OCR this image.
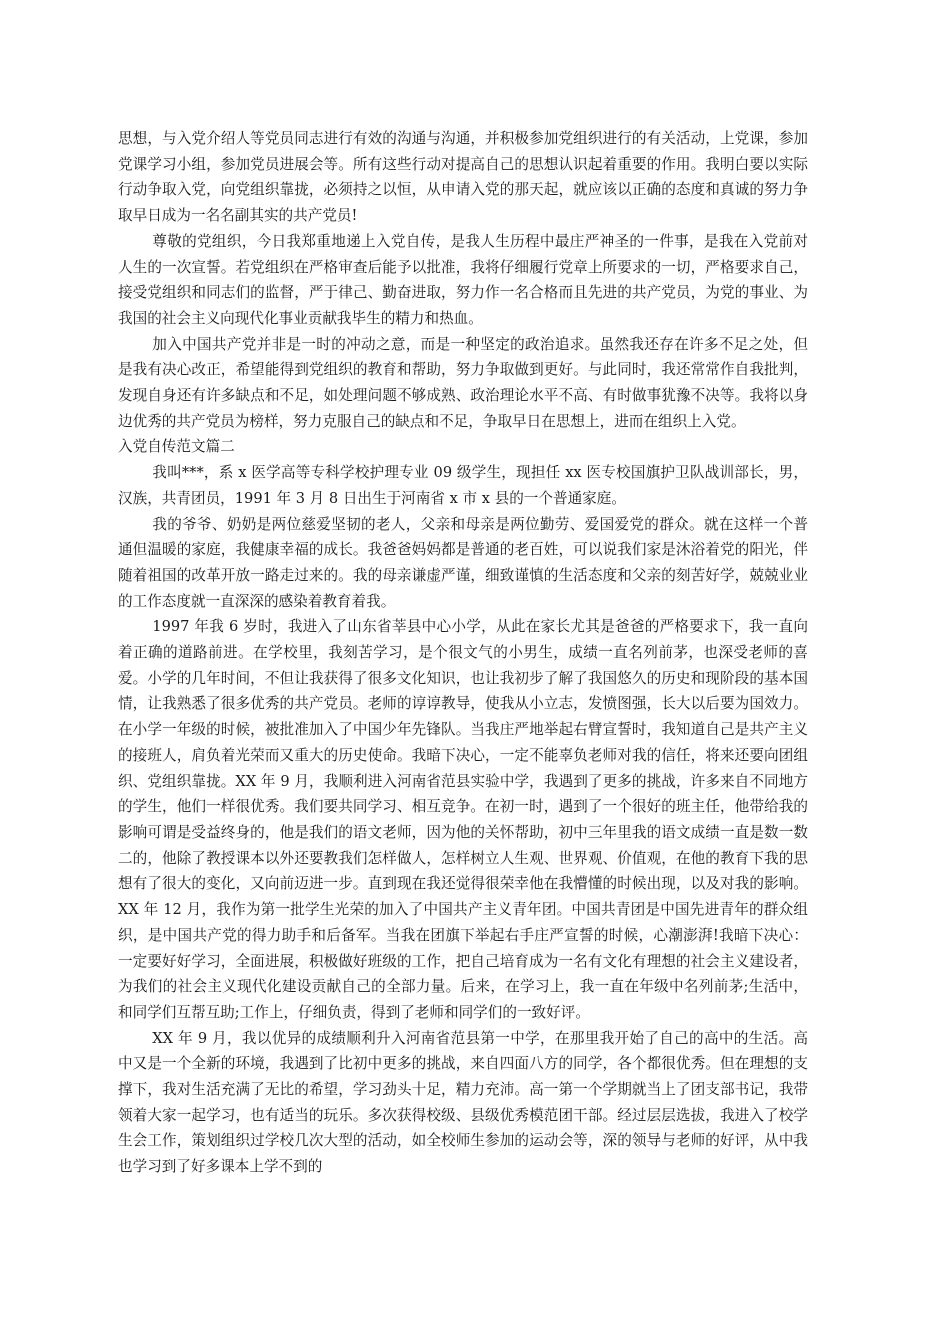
思想，与入党介绍人等党员同志进行有效的沟通与沟通，并积极参加党组织进行的有关活动，上党课，参加党课学习小组，参加党员进展会等。所有这些行动对提高自己的思想认识起着重要的作用。我明白要以实际行动争取入党，向党组织靠拢，必须持之以恒，从申请入党的那天起，就应该以正确的态度和真诚的努力争取早日成为一名名副其实的共产党员!

尊敬的党组织，今日我郑重地递上入党自传，是我人生历程中最庄严神圣的一件事，是我在入党前对人生的一次宣誓。若党组织在严格审查后能予以批准，我将仔细履行党章上所要求的一切，严格要求自己，接受党组织和同志们的监督，严于律己、勤奋进取，努力作一名合格而且先进的共产党员，为党的事业、为我国的社会主义向现代化事业贡献我毕生的精力和热血。

加入中国共产党并非是一时的冲动之意，而是一种坚定的政治追求。虽然我还存在许多不足之处，但是我有决心改正，希望能得到党组织的教育和帮助，努力争取做到更好。与此同时，我还常常作自我批判，发现自身还有许多缺点和不足，如处理问题不够成熟、政治理论水平不高、有时做事犹豫不决等。我将以身边优秀的共产党员为榜样，努力克服自己的缺点和不足，争取早日在思想上，进而在组织上入党。

入党自传范文篇二

我叫***，系 x 医学高等专科学校护理专业 09 级学生，现担任 xx 医专校国旗护卫队战训部长，男，汉族，共青团员，1991 年 3 月 8 日出生于河南省 x 市 x 县的一个普通家庭。

我的爷爷、奶奶是两位慈爱坚韧的老人，父亲和母亲是两位勤劳、爱国爱党的群众。就在这样一个普通但温暖的家庭，我健康幸福的成长。我爸爸妈妈都是普通的老百姓，可以说我们家是沐浴着党的阳光，伴随着祖国的改革开放一路走过来的。我的母亲谦虚严谨，细致谨慎的生活态度和父亲的刻苦好学，兢兢业业的工作态度就一直深深的感染着教育着我。

1997 年我 6 岁时，我进入了山东省莘县中心小学，从此在家长尤其是爸爸的严格要求下，我一直向着正确的道路前进。在学校里，我刻苦学习，是个很文气的小男生，成绩一直名列前茅，也深受老师的喜爱。小学的几年时间，不但让我获得了很多文化知识，也让我初步了解了我国悠久的历史和现阶段的基本国情，让我熟悉了很多优秀的共产党员。老师的谆谆教导，使我从小立志，发愤图强，长大以后要为国效力。在小学一年级的时候，被批准加入了中国少年先锋队。当我庄严地举起右臂宣誓时，我知道自己是共产主义的接班人，肩负着光荣而又重大的历史使命。我暗下决心，一定不能辜负老师对我的信任，将来还要向团组织、党组织靠拢。XX 年 9 月，我顺利进入河南省范县实验中学，我遇到了更多的挑战，许多来自不同地方的学生，他们一样很优秀。我们要共同学习、相互竞争。在初一时，遇到了一个很好的班主任，他带给我的影响可谓是受益终身的，他是我们的语文老师，因为他的关怀帮助，初中三年里我的语文成绩一直是数一数二的，他除了教授课本以外还要教我们怎样做人，怎样树立人生观、世界观、价值观，在他的教育下我的思想有了很大的变化，又向前迈进一步。直到现在我还觉得很荣幸他在我懵懂的时候出现，以及对我的影响。XX 年 12 月，我作为第一批学生光荣的加入了中国共产主义青年团。中国共青团是中国先进青年的群众组织，是中国共产党的得力助手和后备军。当我在团旗下举起右手庄严宣誓的时候，心潮澎湃!我暗下决心：一定要好好学习，全面进展，积极做好班级的工作，把自己培育成为一名有文化有理想的社会主义建设者，为我们的社会主义现代化建设贡献自己的全部力量。后来，在学习上，我一直在年级中名列前茅;生活中，和同学们互帮互助;工作上，仔细负责，得到了老师和同学们的一致好评。

XX 年 9 月，我以优异的成绩顺利升入河南省范县第一中学，在那里我开始了自己的高中的生活。高中又是一个全新的环境，我遇到了比初中更多的挑战，来自四面八方的同学，各个都很优秀。但在理想的支撑下，我对生活充满了无比的希望，学习劲头十足，精力充沛。高一第一个学期就当上了团支部书记，我带领着大家一起学习，也有适当的玩乐。多次获得校级、县级优秀模范团干部。经过层层选拔，我进入了校学生会工作，策划组织过学校几次大型的活动，如全校师生参加的运动会等，深的领导与老师的好评，从中我也学习到了好多课本上学不到的
